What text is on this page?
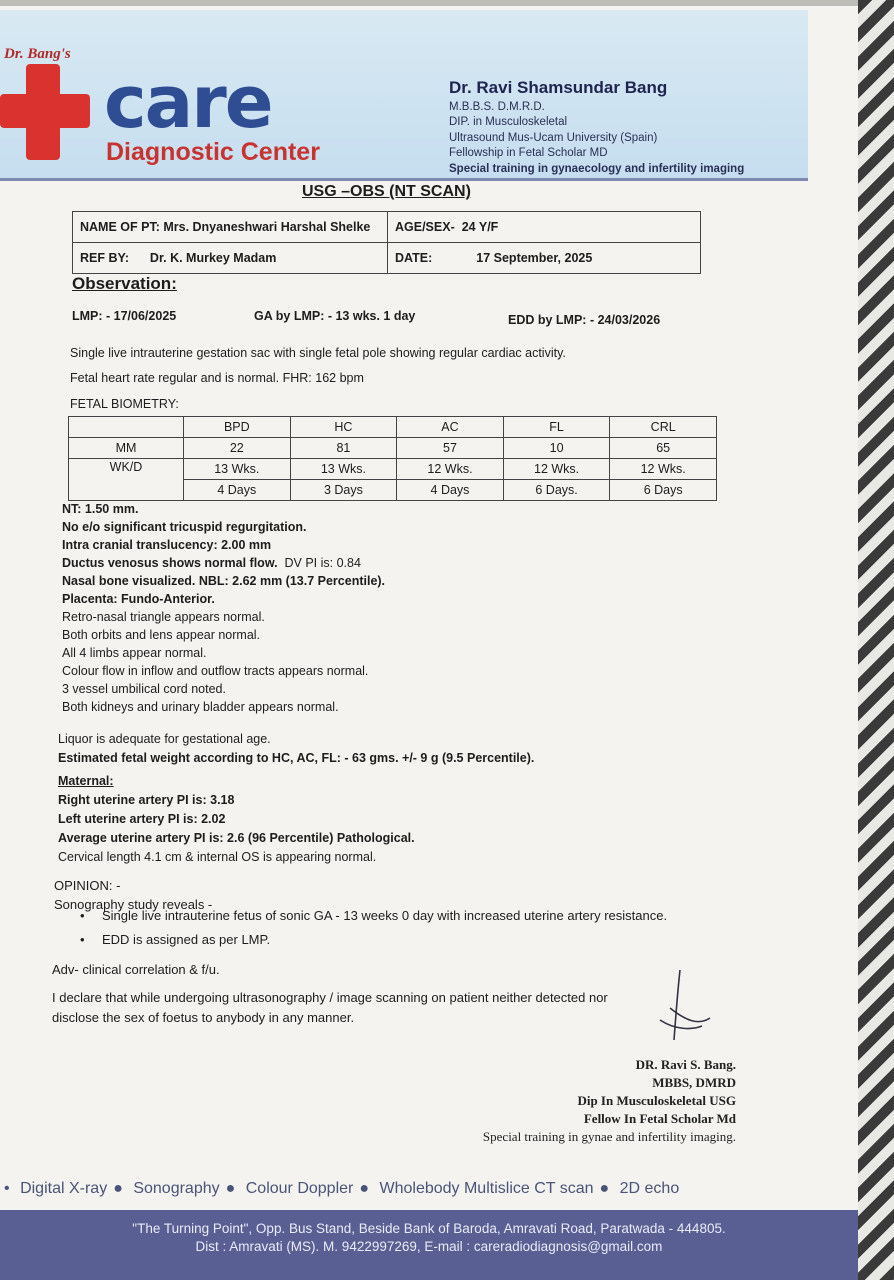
Dr. Bang's
care
Diagnostic Center
Dr. Ravi Shamsundar Bang
M.B.B.S. D.M.R.D.
DIP. in Musculoskeletal
Ultrasound Mus-Ucam University (Spain)
Fellowship in Fetal Scholar MD
Special training in gynaecology and infertility imaging
USG –OBS (NT SCAN)
NAME OF PT: Mrs. Dnyaneshwari Harshal Shelke	AGE/SEX- 24 Y/F
REF BY: Dr. K. Murkey Madam	DATE: 17 September, 2025
Observation:
LMP: - 17/06/2025	GA by LMP: - 13 wks. 1 day	EDD by LMP: - 24/03/2026
Single live intrauterine gestation sac with single fetal pole showing regular cardiac activity.
Fetal heart rate regular and is normal. FHR: 162 bpm
FETAL BIOMETRY:
	BPD	HC	AC	FL	CRL
MM	22	81	57	10	65
WK/D	13 Wks.	13 Wks.	12 Wks.	12 Wks.	12 Wks.
	4 Days	3 Days	4 Days	6 Days.	6 Days
NT: 1.50 mm.
No e/o significant tricuspid regurgitation.
Intra cranial translucency: 2.00 mm
Ductus venosus shows normal flow. DV PI is: 0.84
Nasal bone visualized. NBL: 2.62 mm (13.7 Percentile).
Placenta: Fundo-Anterior.
Retro-nasal triangle appears normal.
Both orbits and lens appear normal.
All 4 limbs appear normal.
Colour flow in inflow and outflow tracts appears normal.
3 vessel umbilical cord noted.
Both kidneys and urinary bladder appears normal.
Liquor is adequate for gestational age.
Estimated fetal weight according to HC, AC, FL: - 63 gms. +/- 9 g (9.5 Percentile).
Maternal:
Right uterine artery PI is: 3.18
Left uterine artery PI is: 2.02
Average uterine artery PI is: 2.6 (96 Percentile) Pathological.
Cervical length 4.1 cm & internal OS is appearing normal.
OPINION: -
Sonography study reveals -
• Single live intrauterine fetus of sonic GA - 13 weeks 0 day with increased uterine artery resistance.
• EDD is assigned as per LMP.
Adv- clinical correlation & f/u.
I declare that while undergoing ultrasonography / image scanning on patient neither detected nor disclose the sex of foetus to anybody in any manner.
DR. Ravi S. Bang.
MBBS, DMRD
Dip In Musculoskeletal USG
Fellow In Fetal Scholar Md
Special training in gynae and infertility imaging.
• Digital X-ray ● Sonography ● Colour Doppler ● Wholebody Multislice CT scan ● 2D echo
"The Turning Point", Opp. Bus Stand, Beside Bank of Baroda, Amravati Road, Paratwada - 444805.
Dist : Amravati (MS). M. 9422997269, E-mail : careradiodiagnosis@gmail.com
